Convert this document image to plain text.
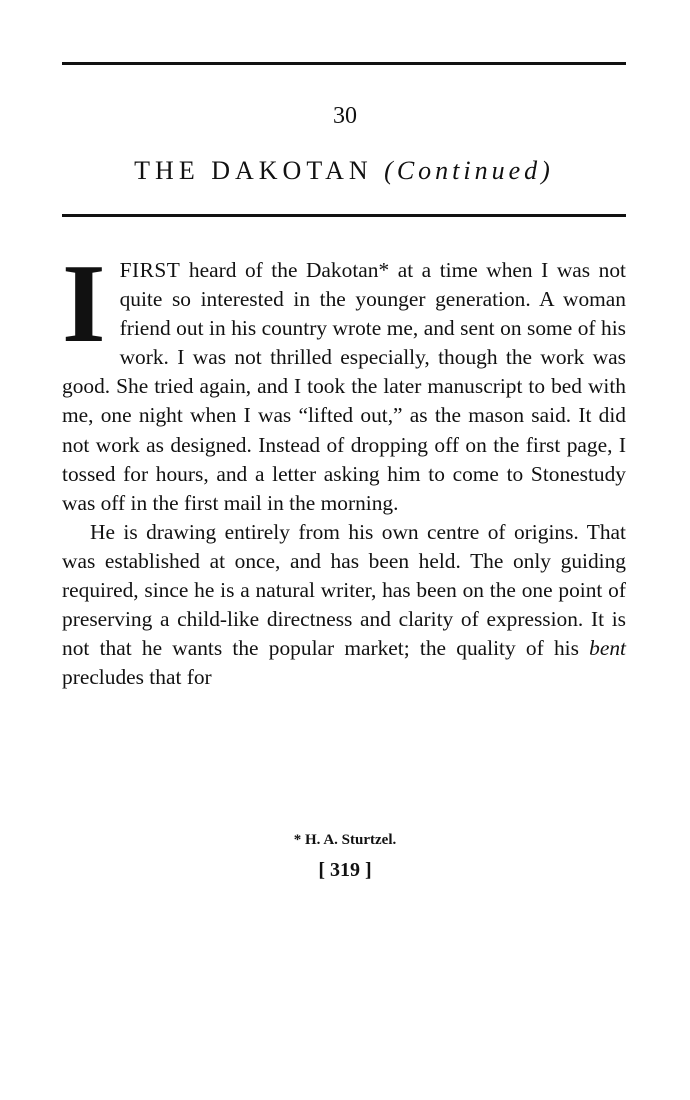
30
THE DAKOTAN (Continued)

IFIRST heard of the Dakotan* at a time when I was not quite so interested in the younger generation. A woman friend out in his country wrote me, and sent on some of his work. I was not thrilled especially, though the work was good. She tried again, and I took the later manuscript to bed with me, one night when I was “lifted out,” as the mason said. It did not work as designed. Instead of dropping off on the first page, I tossed for hours, and a letter asking him to come to Stonestudy was off in the first mail in the morning.

He is drawing entirely from his own centre of origins. That was established at once, and has been held. The only guiding required, since he is a natural writer, has been on the one point of preserving a child-like directness and clarity of expression. It is not that he wants the popular market; the quality of his bent precludes that for

* H. A. Sturtzel.
[ 319 ]
